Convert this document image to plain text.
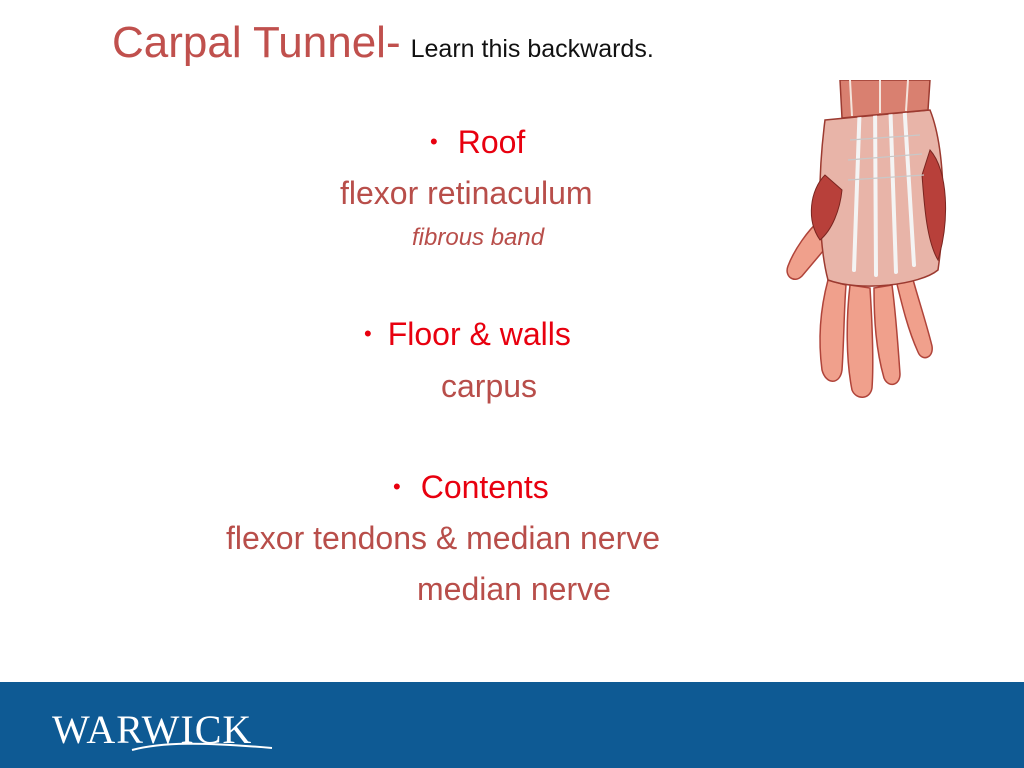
Carpal Tunnel- Learn this backwards.
• Roof
flexor retinaculum
fibrous band
• Floor & walls
carpus
• Contents
flexor tendons & median nerve
median nerve
WARWICK
